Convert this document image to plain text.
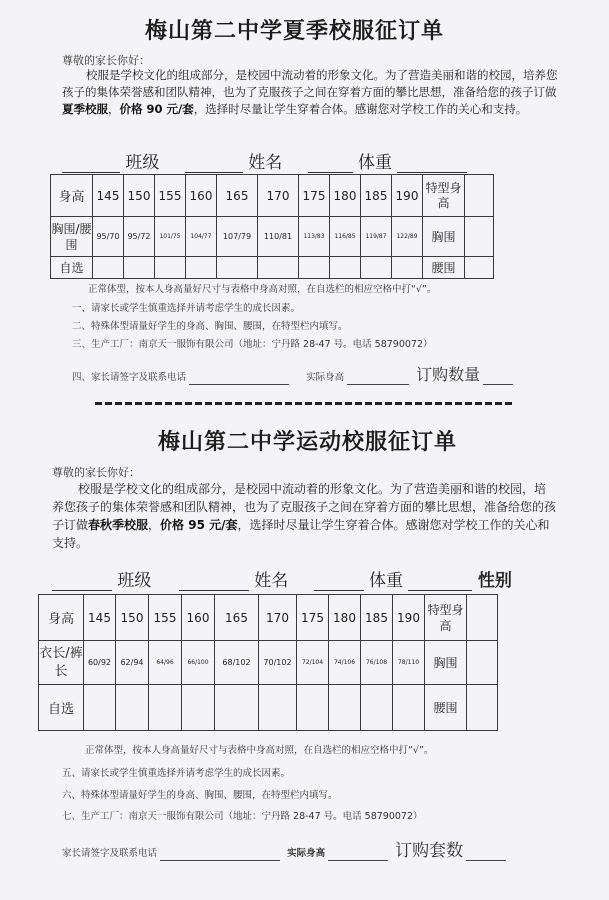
梅山第二中学夏季校服征订单
尊敬的家长你好：
校服是学校文化的组成部分，是校园中流动着的形象文化。为了营造美丽和谐的校园，培养您孩子的集体荣誉感和团队精神，也为了克服孩子之间在穿着方面的攀比思想，准备给您的孩子订做夏季校服，价格 90 元/套，选择时尽量让学生穿着合体。感谢您对学校工作的关心和支持。
班级	姓名	体重
身高	145	150	155	160	165	170	175	180	185	190	特型身高	
胸围/腰围	95/70	95/72	101/75	104/77	107/79	110/81	113/83	116/85	119/87	122/89	胸围	
自选											腰围	
正常体型，按本人身高量好尺寸与表格中身高对照，在自选栏的相应空格中打“√”。
一、请家长或学生慎重选择并请考虑学生的成长因素。
二、特殊体型请量好学生的身高、胸围、腰围，在特型栏内填写。
三、生产工厂：南京天一服饰有限公司（地址：宁丹路 28-47 号。电话 58790072）
四、家长请签字及联系电话	实际身高	订购数量
梅山第二中学运动校服征订单
尊敬的家长你好：
校服是学校文化的组成部分，是校园中流动着的形象文化。为了营造美丽和谐的校园，培养您孩子的集体荣誉感和团队精神，也为了克服孩子之间在穿着方面的攀比思想，准备给您的孩子订做春秋季校服，价格 95 元/套，选择时尽量让学生穿着合体。感谢您对学校工作的关心和支持。
班级	姓名	体重	性别
身高	145	150	155	160	165	170	175	180	185	190	特型身高	
衣长/裤长	60/92	62/94	64/96	66/100	68/102	70/102	72/104	74/106	76/108	78/110	胸围	
自选											腰围	
正常体型，按本人身高量好尺寸与表格中身高对照，在自选栏的相应空格中打“√”。
五、请家长或学生慎重选择并请考虑学生的成长因素。
六、特殊体型请量好学生的身高、胸围、腰围，在特型栏内填写。
七、生产工厂：南京天一服饰有限公司（地址：宁丹路 28-47 号。电话 58790072）
家长请签字及联系电话	实际身高	订购套数
